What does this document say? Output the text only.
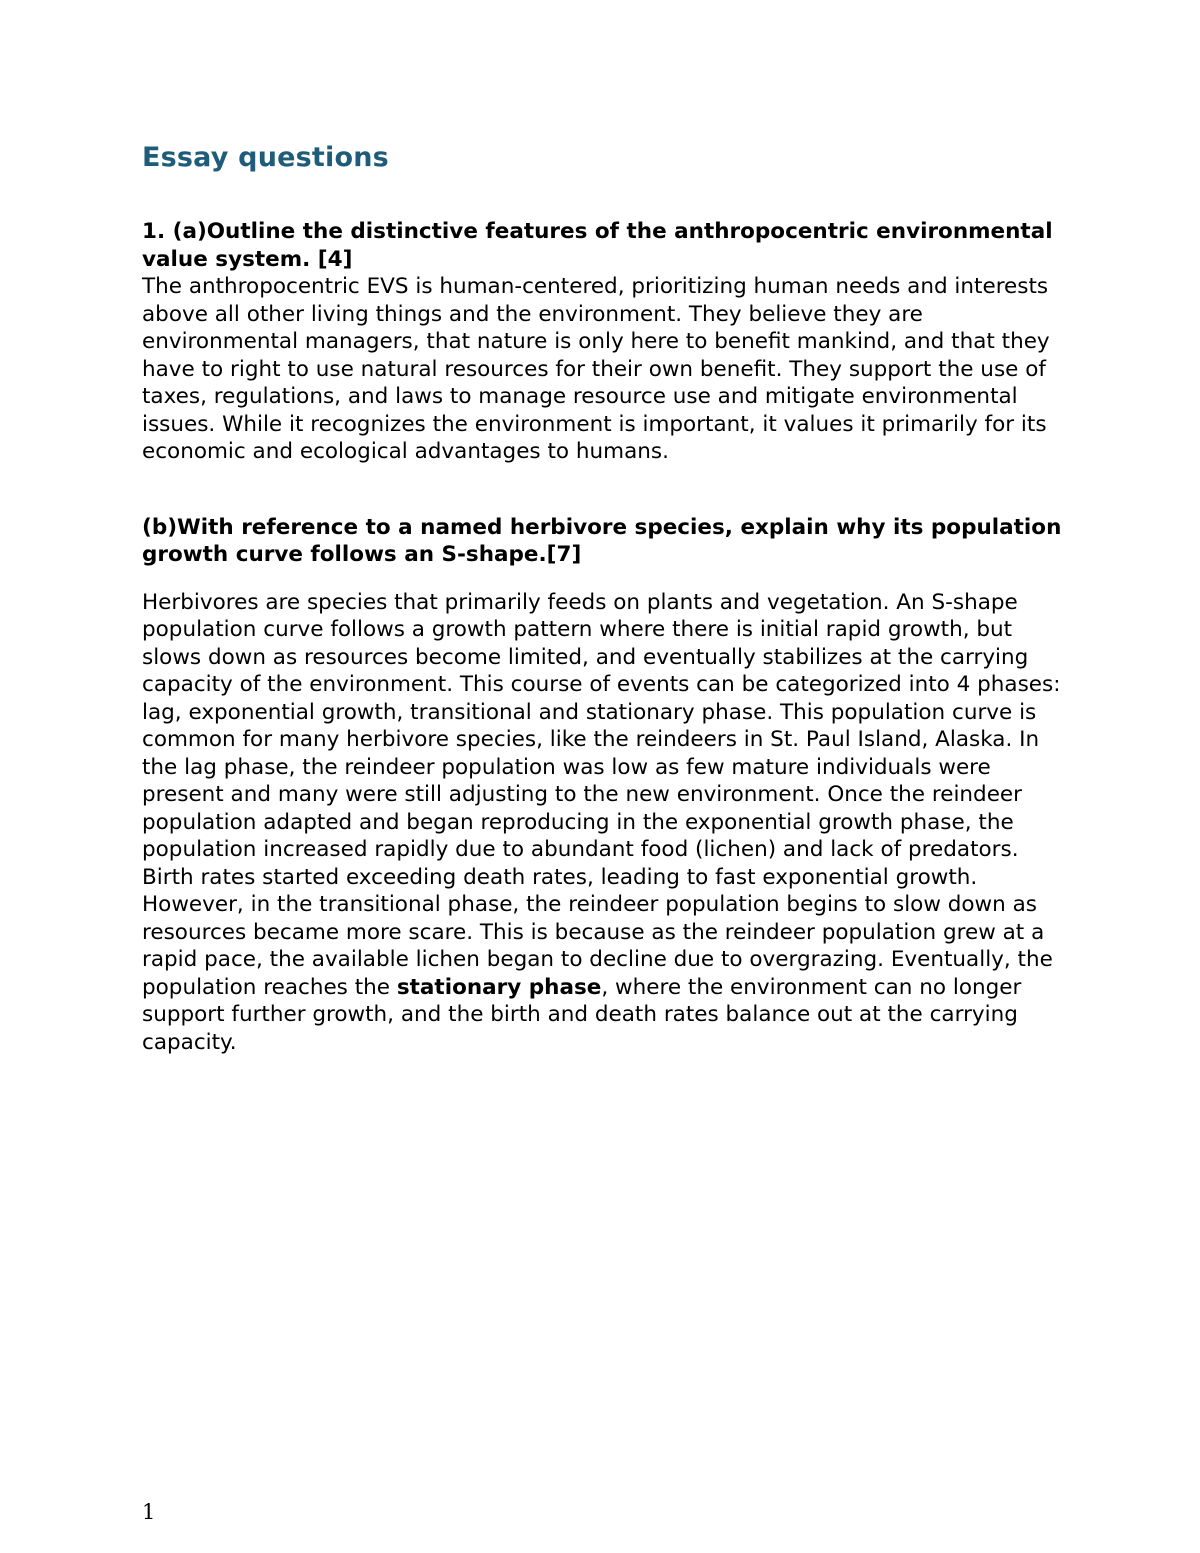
Essay questions

1. (a)Outline the distinctive features of the anthropocentric environmental value system. [4]

The anthropocentric EVS is human-centered, prioritizing human needs and interests above all other living things and the environment. They believe they are environmental managers, that nature is only here to benefit mankind, and that they have to right to use natural resources for their own benefit. They support the use of taxes, regulations, and laws to manage resource use and mitigate environmental issues. While it recognizes the environment is important, it values it primarily for its economic and ecological advantages to humans.

(b)With reference to a named herbivore species, explain why its population growth curve follows an S-shape.[7]

Herbivores are species that primarily feeds on plants and vegetation. An S-shape population curve follows a growth pattern where there is initial rapid growth, but slows down as resources become limited, and eventually stabilizes at the carrying capacity of the environment. This course of events can be categorized into 4 phases: lag, exponential growth, transitional and stationary phase. This population curve is common for many herbivore species, like the reindeers in St. Paul Island, Alaska. In the lag phase, the reindeer population was low as few mature individuals were present and many were still adjusting to the new environment. Once the reindeer population adapted and began reproducing in the exponential growth phase, the population increased rapidly due to abundant food (lichen) and lack of predators. Birth rates started exceeding death rates, leading to fast exponential growth. However, in the transitional phase, the reindeer population begins to slow down as resources became more scare. This is because as the reindeer population grew at a rapid pace, the available lichen began to decline due to overgrazing. Eventually, the population reaches the stationary phase, where the environment can no longer support further growth, and the birth and death rates balance out at the carrying capacity.

1
